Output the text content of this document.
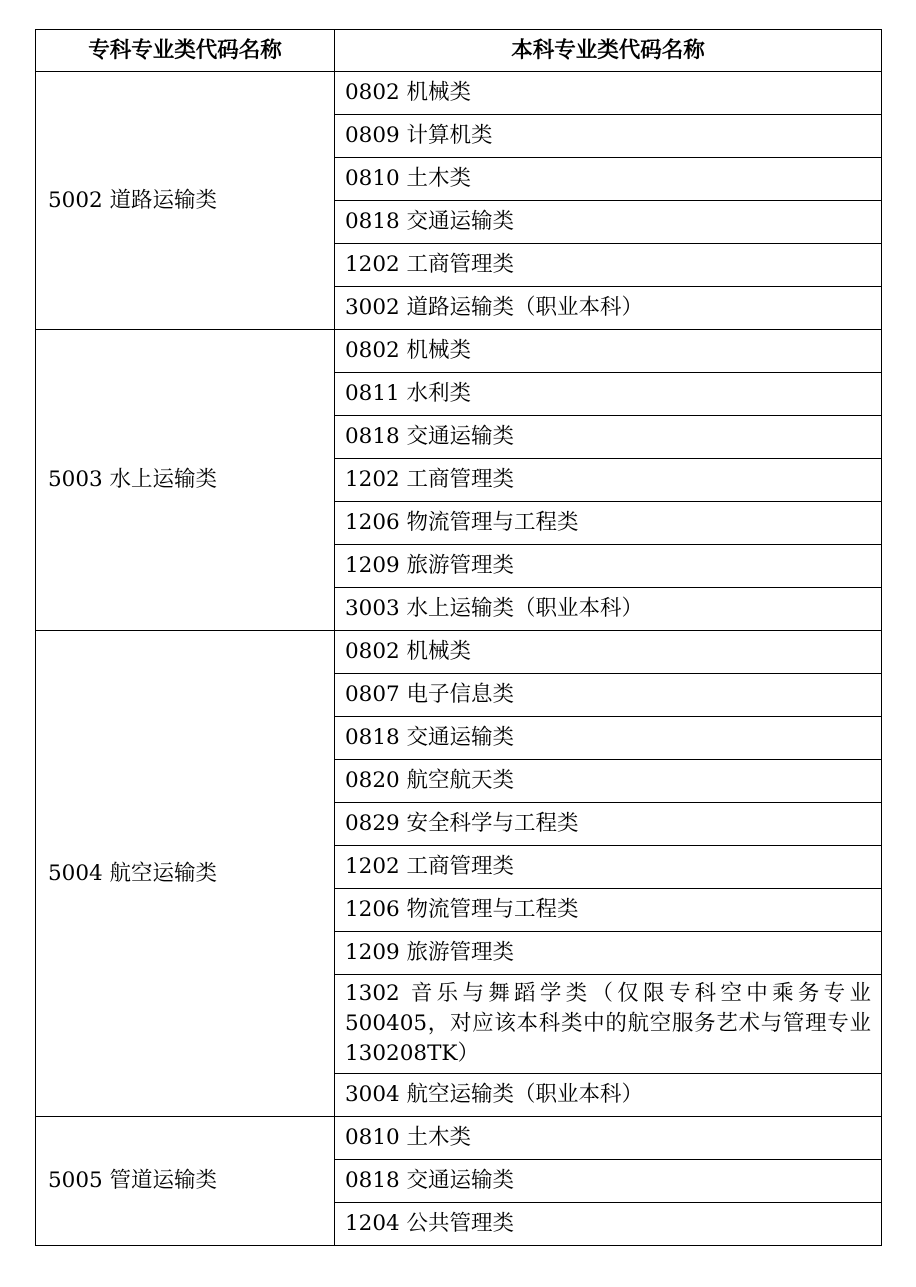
专科专业类代码名称	本科专业类代码名称
5002 道路运输类	0802 机械类
	0809 计算机类
	0810 土木类
	0818 交通运输类
	1202 工商管理类
	3002 道路运输类（职业本科）
5003 水上运输类	0802 机械类
	0811 水利类
	0818 交通运输类
	1202 工商管理类
	1206 物流管理与工程类
	1209 旅游管理类
	3003 水上运输类（职业本科）
5004 航空运输类	0802 机械类
	0807 电子信息类
	0818 交通运输类
	0820 航空航天类
	0829 安全科学与工程类
	1202 工商管理类
	1206 物流管理与工程类
	1209 旅游管理类
	1302 音乐与舞蹈学类（仅限专科空中乘务专业500405，对应该本科类中的航空服务艺术与管理专业 130208TK）
	3004 航空运输类（职业本科）
5005 管道运输类	0810 土木类
	0818 交通运输类
	1204 公共管理类
